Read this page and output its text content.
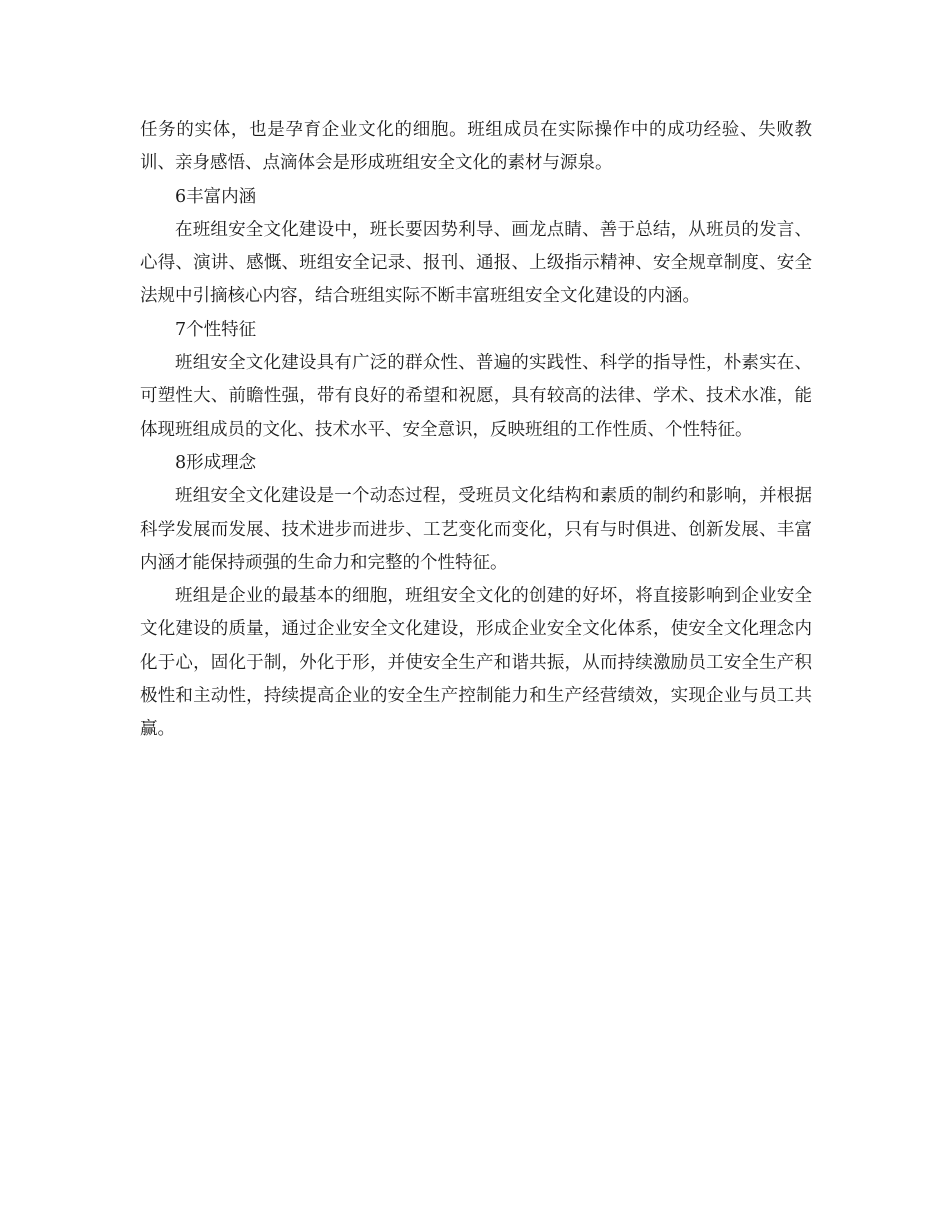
任务的实体，也是孕育企业文化的细胞。班组成员在实际操作中的成功经验、失败教训、亲身感悟、点滴体会是形成班组安全文化的素材与源泉。

6丰富内涵

在班组安全文化建设中，班长要因势利导、画龙点睛、善于总结，从班员的发言、心得、演讲、感慨、班组安全记录、报刊、通报、上级指示精神、安全规章制度、安全法规中引摘核心内容，结合班组实际不断丰富班组安全文化建设的内涵。

7个性特征

班组安全文化建设具有广泛的群众性、普遍的实践性、科学的指导性，朴素实在、可塑性大、前瞻性强，带有良好的希望和祝愿，具有较高的法律、学术、技术水准，能体现班组成员的文化、技术水平、安全意识，反映班组的工作性质、个性特征。

8形成理念

班组安全文化建设是一个动态过程，受班员文化结构和素质的制约和影响，并根据科学发展而发展、技术进步而进步、工艺变化而变化，只有与时俱进、创新发展、丰富内涵才能保持顽强的生命力和完整的个性特征。

班组是企业的最基本的细胞，班组安全文化的创建的好坏，将直接影响到企业安全文化建设的质量，通过企业安全文化建设，形成企业安全文化体系，使安全文化理念内化于心，固化于制，外化于形，并使安全生产和谐共振，从而持续激励员工安全生产积极性和主动性，持续提高企业的安全生产控制能力和生产经营绩效，实现企业与员工共赢。
